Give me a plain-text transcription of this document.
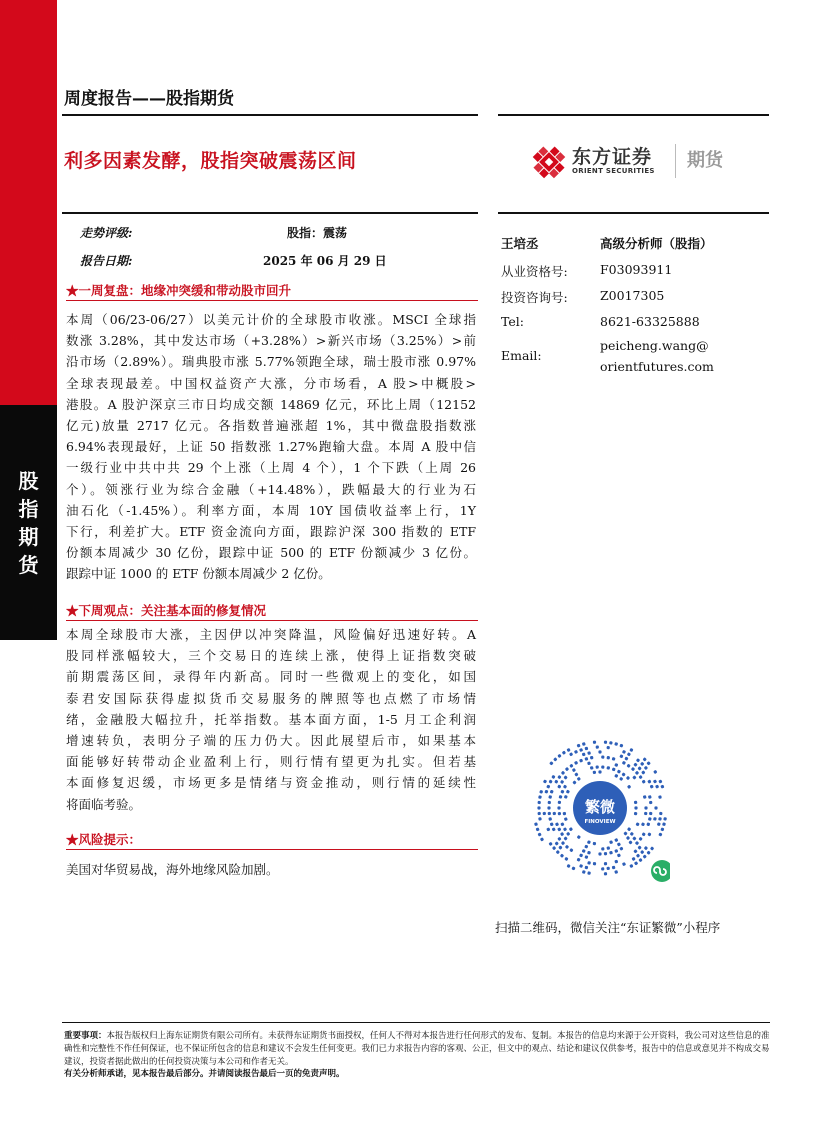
股
指
期
货
周度报告——股指期货
利多因素发酵，股指突破震荡区间	东方证券
ORIENT SECURITIES 期货
走势评级:	股指：震荡
报告日期:	2025 年 06 月 29 日
★一周复盘：地缘冲突缓和带动股市回升
本周（06/23-06/27）以美元计价的全球股市收涨。MSCI 全球指
数涨 3.28%，其中发达市场（+3.28%）>新兴市场（3.25%）>前
沿市场（2.89%）。瑞典股市涨 5.77%领跑全球，瑞士股市涨 0.97%
全球表现最差。中国权益资产大涨，分市场看，A 股>中概股>
港股。A 股沪深京三市日均成交额 14869 亿元，环比上周（12152
亿元)放量 2717 亿元。各指数普遍涨超 1%，其中微盘股指数涨
6.94%表现最好，上证 50 指数涨 1.27%跑输大盘。本周 A 股中信
一级行业中共中共 29 个上涨（上周 4 个），1 个下跌（上周 26
个）。领涨行业为综合金融（+14.48%），跌幅最大的行业为石
油石化（-1.45%）。利率方面，本周 10Y 国债收益率上行，1Y
下行，利差扩大。ETF 资金流向方面，跟踪沪深 300 指数的 ETF
份额本周减少 30 亿份，跟踪中证 500 的 ETF 份额减少 3 亿份。
跟踪中证 1000 的 ETF 份额本周减少 2 亿份。
★下周观点：关注基本面的修复情况
本周全球股市大涨，主因伊以冲突降温，风险偏好迅速好转。A
股同样涨幅较大，三个交易日的连续上涨，使得上证指数突破
前期震荡区间，录得年内新高。同时一些微观上的变化，如国
泰君安国际获得虚拟货币交易服务的牌照等也点燃了市场情
绪，金融股大幅拉升，托举指数。基本面方面，1-5 月工企利润
增速转负，表明分子端的压力仍大。因此展望后市，如果基本
面能够好转带动企业盈利上行，则行情有望更为扎实。但若基
本面修复迟缓，市场更多是情绪与资金推动，则行情的延续性
将面临考验。
★风险提示：
美国对华贸易战，海外地缘风险加剧。
王培丞	高级分析师（股指）
从业资格号:	F03093911
投资咨询号:	Z0017305
Tel:	8621-63325888
Email:
peicheng.wang@
orientfutures.com
繁微
FINOVIEW
扫描二维码，微信关注“东证繁微”小程序
重要事项：本报告版权归上海东证期货有限公司所有。未获得东证期货书面授权，任何人不得对本报告进行任何形式的发布、复制。本报告的信息均来源于公开资料，我公司对这些信息的准确性和完整性不作任何保证，也不保证所包含的信息和建议不会发生任何变更。我们已力求报告内容的客观、公正，但文中的观点、结论和建议仅供参考，报告中的信息或意见并不构成交易建议，投资者据此做出的任何投资决策与本公司和作者无关。
有关分析师承诺，见本报告最后部分。并请阅读报告最后一页的免责声明。
